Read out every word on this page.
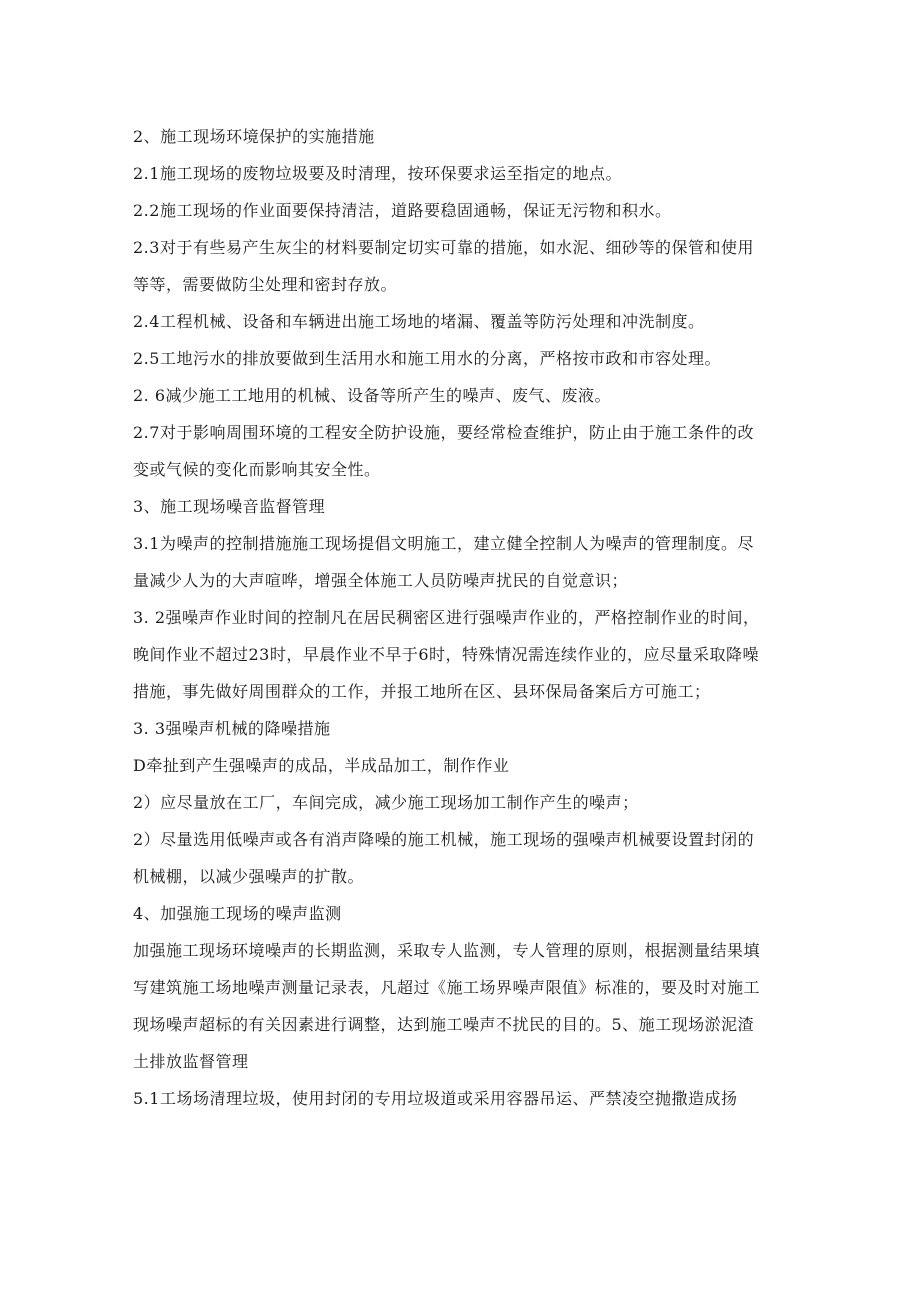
2、施工现场环境保护的实施措施
2.1施工现场的废物垃圾要及时清理，按环保要求运至指定的地点。
2.2施工现场的作业面要保持清洁，道路要稳固通畅，保证无污物和积水。
2.3对于有些易产生灰尘的材料要制定切实可靠的措施，如水泥、细砂等的保管和使用
等等，需要做防尘处理和密封存放。
2.4工程机械、设备和车辆进出施工场地的堵漏、覆盖等防污处理和冲洗制度。
2.5工地污水的排放要做到生活用水和施工用水的分离，严格按市政和市容处理。
2. 6减少施工工地用的机械、设备等所产生的噪声、废气、废液。
2.7对于影响周围环境的工程安全防护设施，要经常检查维护，防止由于施工条件的改
变或气候的变化而影响其安全性。
3、施工现场噪音监督管理
3.1为噪声的控制措施施工现场提倡文明施工，建立健全控制人为噪声的管理制度。尽
量减少人为的大声喧哗，增强全体施工人员防噪声扰民的自觉意识；
3. 2强噪声作业时间的控制凡在居民稠密区进行强噪声作业的，严格控制作业的时间，
晚间作业不超过23时，早晨作业不早于6时，特殊情况需连续作业的，应尽量采取降噪
措施，事先做好周围群众的工作，并报工地所在区、县环保局备案后方可施工；
3. 3强噪声机械的降噪措施
D牵扯到产生强噪声的成品，半成品加工，制作作业
2）应尽量放在工厂，车间完成，减少施工现场加工制作产生的噪声；
2）尽量选用低噪声或各有消声降噪的施工机械，施工现场的强噪声机械要设置封闭的
机械棚，以减少强噪声的扩散。
4、加强施工现场的噪声监测
加强施工现场环境噪声的长期监测，采取专人监测，专人管理的原则，根据测量结果填
写建筑施工场地噪声测量记录表，凡超过《施工场界噪声限值》标准的，要及时对施工
现场噪声超标的有关因素进行调整，达到施工噪声不扰民的目的。5、施工现场淤泥渣
土排放监督管理
5.1工场场清理垃圾，使用封闭的专用垃圾道或采用容器吊运、严禁凌空抛撒造成扬
